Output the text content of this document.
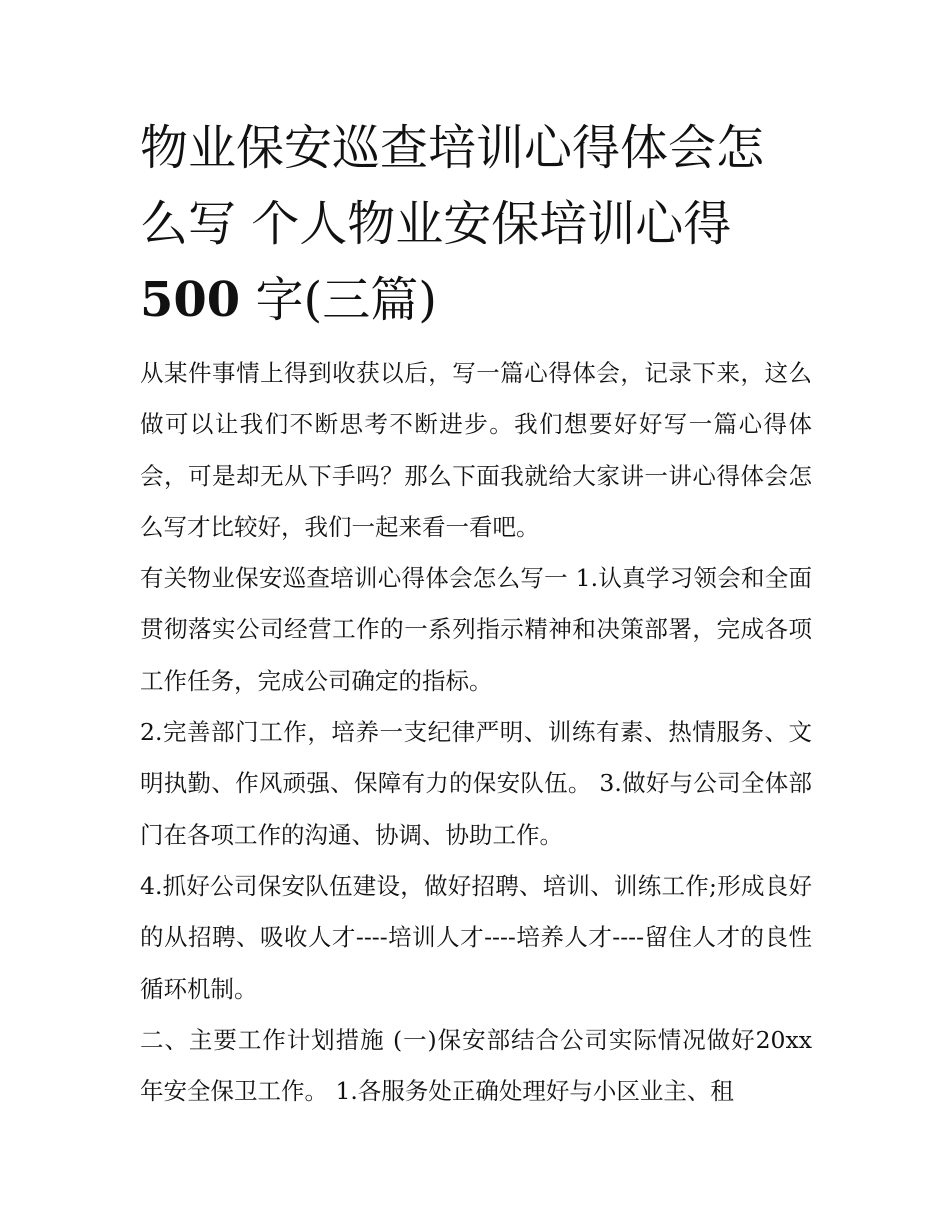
物业保安巡查培训心得体会怎
么写 个人物业安保培训心得
500 字(三篇)

从某件事情上得到收获以后，写一篇心得体会，记录下来，这么做可以让我们不断思考不断进步。我们想要好好写一篇心得体会，可是却无从下手吗？那么下面我就给大家讲一讲心得体会怎么写才比较好，我们一起来看一看吧。

有关物业保安巡查培训心得体会怎么写一 1.认真学习领会和全面贯彻落实公司经营工作的一系列指示精神和决策部署，完成各项工作任务，完成公司确定的指标。

2.完善部门工作，培养一支纪律严明、训练有素、热情服务、文明执勤、作风顽强、保障有力的保安队伍。 3.做好与公司全体部门在各项工作的沟通、协调、协助工作。

4.抓好公司保安队伍建设，做好招聘、培训、训练工作;形成良好的从招聘、吸收人才----培训人才----培养人才----留住人才的良性循环机制。

二、主要工作计划措施 (一)保安部结合公司实际情况做好20xx 年安全保卫工作。 1.各服务处正确处理好与小区业主、租
